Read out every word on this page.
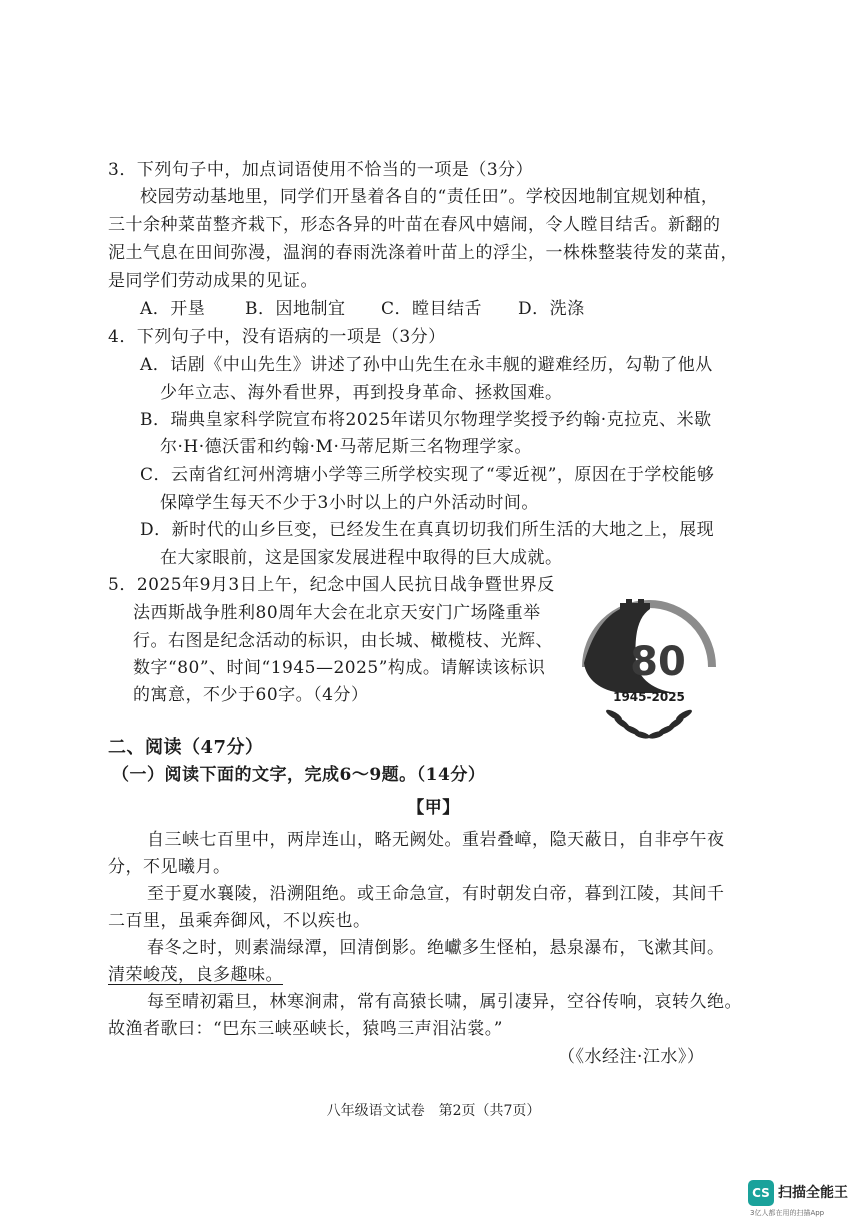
3．下列句子中，加点词语使用不恰当的一项是（3分）
校园劳动基地里，同学们开垦着各自的“责任田”。学校因地制宜规划种植，
三十余种菜苗整齐栽下，形态各异的叶苗在春风中嬉闹，令人瞠目结舌。新翻的
泥土气息在田间弥漫，温润的春雨洗涤着叶苗上的浮尘，一株株整装待发的菜苗，
是同学们劳动成果的见证。
A．开垦 B．因地制宜 C．瞠目结舌 D．洗涤
4．下列句子中，没有语病的一项是（3分）
A．话剧《中山先生》讲述了孙中山先生在永丰舰的避难经历，勾勒了他从
少年立志、海外看世界，再到投身革命、拯救国难。
B．瑞典皇家科学院宣布将2025年诺贝尔物理学奖授予约翰·克拉克、米歇
尔·H·德沃雷和约翰·M·马蒂尼斯三名物理学家。
C．云南省红河州湾塘小学等三所学校实现了“零近视”，原因在于学校能够
保障学生每天不少于3小时以上的户外活动时间。
D．新时代的山乡巨变，已经发生在真真切切我们所生活的大地之上，展现
在大家眼前，这是国家发展进程中取得的巨大成就。
5．2025年9月3日上午，纪念中国人民抗日战争暨世界反
法西斯战争胜利80周年大会在北京天安门广场隆重举
行。右图是纪念活动的标识，由长城、橄榄枝、光辉、
数字“80”、时间“1945—2025”构成。请解读该标识
的寓意，不少于60字。（4分）
80
1945-2025
二、阅读（47分）
（一）阅读下面的文字，完成6～9题。（14分）
【甲】
自三峡七百里中，两岸连山，略无阙处。重岩叠嶂，隐天蔽日，自非亭午夜
分，不见曦月。
至于夏水襄陵，沿溯阻绝。或王命急宣，有时朝发白帝，暮到江陵，其间千
二百里，虽乘奔御风，不以疾也。
春冬之时，则素湍绿潭，回清倒影。绝巘多生怪柏，悬泉瀑布，飞漱其间。
清荣峻茂，良多趣味。
每至晴初霜旦，林寒涧肃，常有高猿长啸，属引凄异，空谷传响，哀转久绝。
故渔者歌曰：“巴东三峡巫峡长，猿鸣三声泪沾裳。”
（《水经注·江水》）
八年级语文试卷　第2页（共7页）
CS 扫描全能王
3亿人都在用的扫描App
